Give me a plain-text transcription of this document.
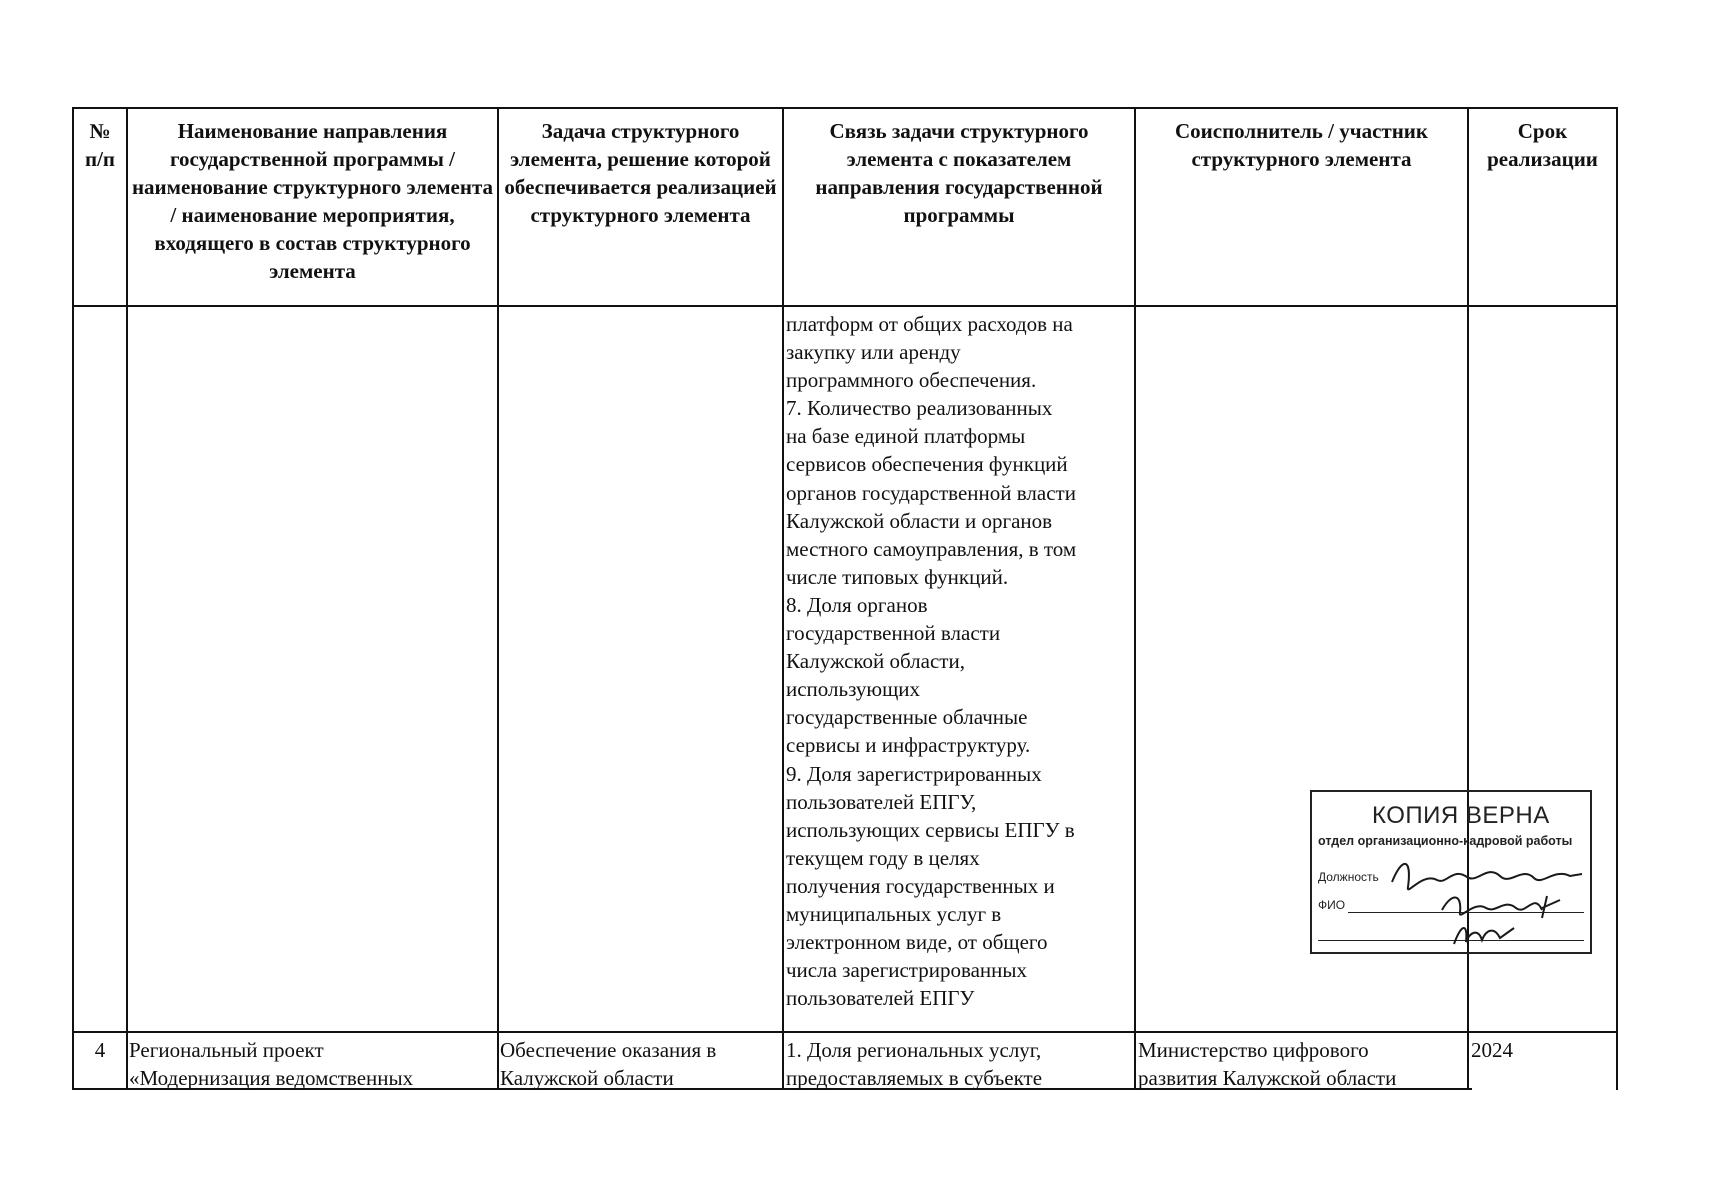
№ п/п
Наименование направления государственной программы / наименование структурного элемента / наименование мероприятия, входящего в состав структурного элемента
Задача структурного элемента, решение которой обеспечивается реализацией структурного элемента
Связь задачи структурного элемента с показателем направления государственной программы
Соисполнитель / участник структурного элемента
Срок реализации
платформ от общих расходов на
закупку или аренду
программного обеспечения.
7. Количество реализованных
на базе единой платформы
сервисов обеспечения функций
органов государственной власти
Калужской области и органов
местного самоуправления, в том
числе типовых функций.
8. Доля органов
государственной власти
Калужской области,
использующих
государственные облачные
сервисы и инфраструктуру.
9. Доля зарегистрированных
пользователей ЕПГУ,
использующих сервисы ЕПГУ в
текущем году в целях
получения государственных и
муниципальных услуг в
электронном виде, от общего
числа зарегистрированных
пользователей ЕПГУ
4	Региональный проект
«Модернизация ведомственных
Обеспечение оказания в
Калужской области
1. Доля региональных услуг,
предоставляемых в субъекте
Министерство цифрового
развития Калужской области
2024
КОПИЯ ВЕРНА
отдел организационно-кадровой работы
Должность
ФИО
